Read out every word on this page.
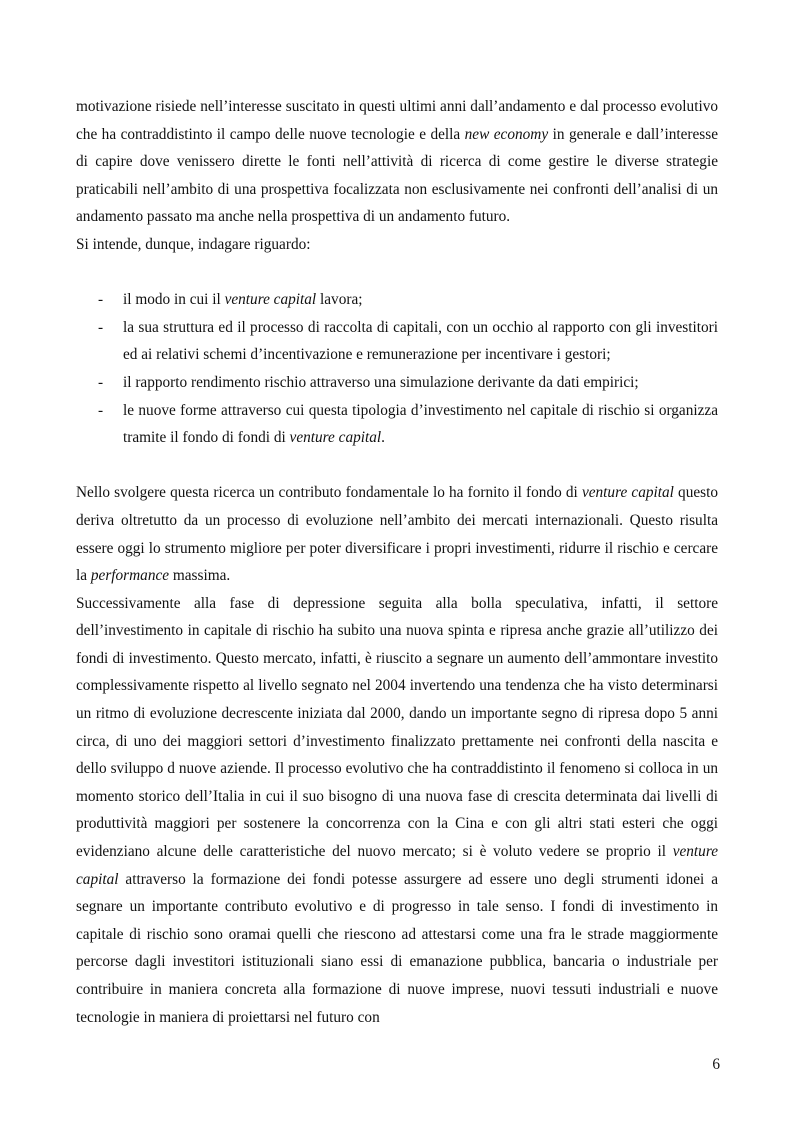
motivazione risiede nell’interesse suscitato in questi ultimi anni dall’andamento e dal processo evolutivo che ha contraddistinto il campo delle nuove tecnologie e della new economy in generale e dall’interesse di capire dove venissero dirette le fonti nell’attività di ricerca di come gestire le diverse strategie praticabili nell’ambito di una prospettiva focalizzata non esclusivamente nei confronti dell’analisi di un andamento passato ma anche nella prospettiva di un andamento futuro.

Si intende, dunque, indagare riguardo:

- il modo in cui il venture capital lavora;
- la sua struttura ed il processo di raccolta di capitali, con un occhio al rapporto con gli investitori ed ai relativi schemi d’incentivazione e remunerazione per incentivare i gestori;
- il rapporto rendimento rischio attraverso una simulazione derivante da dati empirici;
- le nuove forme attraverso cui questa tipologia d’investimento nel capitale di rischio si organizza tramite il fondo di fondi di venture capital.

Nello svolgere questa ricerca un contributo fondamentale lo ha fornito il fondo di venture capital questo deriva oltretutto da un processo di evoluzione nell’ambito dei mercati internazionali. Questo risulta essere oggi lo strumento migliore per poter diversificare i propri investimenti, ridurre il rischio e cercare la performance massima.

Successivamente alla fase di depressione seguita alla bolla speculativa, infatti, il settore dell’investimento in capitale di rischio ha subito una nuova spinta e ripresa anche grazie all’utilizzo dei fondi di investimento. Questo mercato, infatti, è riuscito a segnare un aumento dell’ammontare investito complessivamente rispetto al livello segnato nel 2004 invertendo una tendenza che ha visto determinarsi un ritmo di evoluzione decrescente iniziata dal 2000, dando un importante segno di ripresa dopo 5 anni circa, di uno dei maggiori settori d’investimento finalizzato prettamente nei confronti della nascita e dello sviluppo d nuove aziende. Il processo evolutivo che ha contraddistinto il fenomeno si colloca in un momento storico dell’Italia in cui il suo bisogno di una nuova fase di crescita determinata dai livelli di produttività maggiori per sostenere la concorrenza con la Cina e con gli altri stati esteri che oggi evidenziano alcune delle caratteristiche del nuovo mercato; si è voluto vedere se proprio il venture capital attraverso la formazione dei fondi potesse assurgere ad essere uno degli strumenti idonei a segnare un importante contributo evolutivo e di progresso in tale senso. I fondi di investimento in capitale di rischio sono oramai quelli che riescono ad attestarsi come una fra le strade maggiormente percorse dagli investitori istituzionali siano essi di emanazione pubblica, bancaria o industriale per contribuire in maniera concreta alla formazione di nuove imprese, nuovi tessuti industriali e nuove tecnologie in maniera di proiettarsi nel futuro con

6
